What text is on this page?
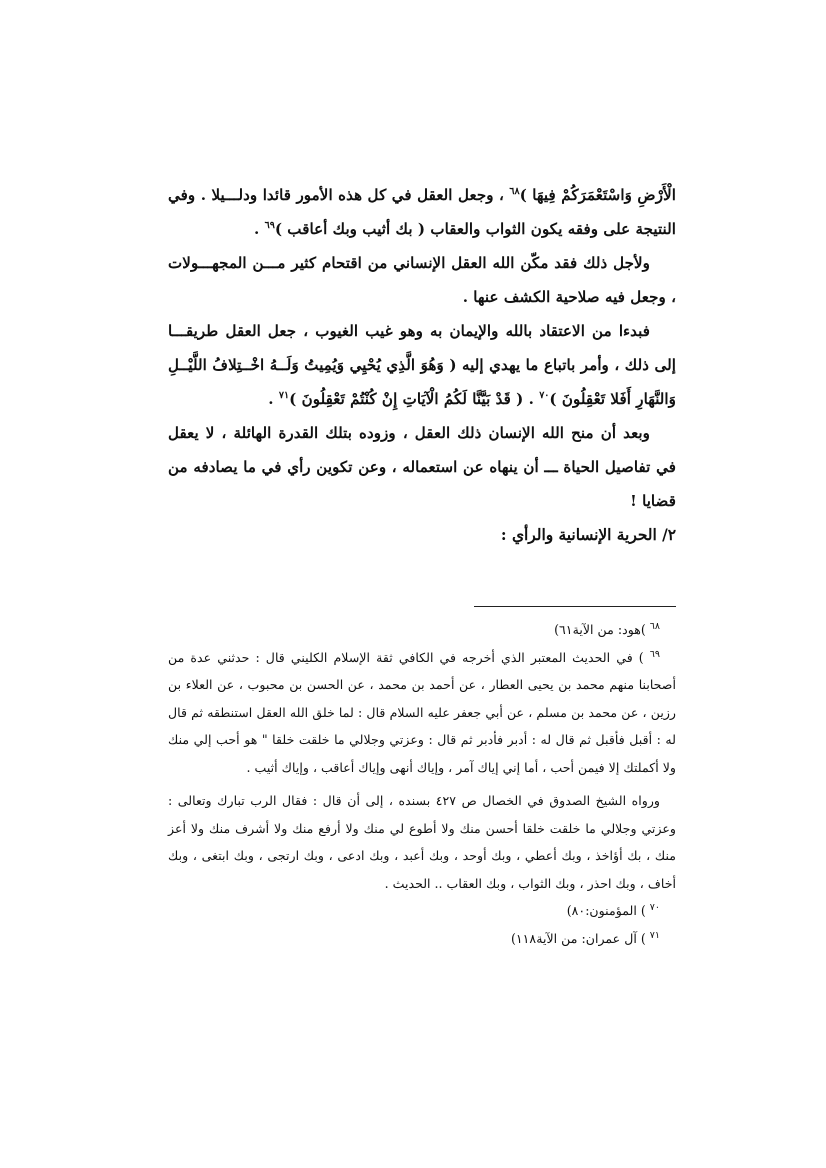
الْأَرْضِ وَاسْتَعْمَرَكُمْ فِيهَا )$^{٦٨}$ ، وجعل العقل في كل هذه الأمور قائدا ودلـــيلا . وفي النتيجة على وفقه يكون الثواب والعقاب ( بك أثيب وبك أعاقب )$^{٦٩}$ .

ولأجل ذلك فقد مكّن الله العقل الإنساني من اقتحام كثير مـــن المجهـــولات ، وجعل فيه صلاحية الكشف عنها .

فبدءا من الاعتقاد بالله والإيمان به وهو غيب الغيوب ، جعل العقل طريقـــا إلى ذلك ، وأمر باتباع ما يهدي إليه ( وَهُوَ الَّذِي يُحْيِي وَيُمِيتُ وَلَــهُ اخْــتِلافُ اللَّيْــلِ وَالنَّهَارِ أَفَلا تَعْقِلُونَ )$^{٧٠}$ . ( قَدْ بَيَّنَّا لَكُمُ الْآيَاتِ إِنْ كُنْتُمْ تَعْقِلُونَ )$^{٧١}$ .

وبعد أن منح الله الإنسان ذلك العقل ، وزوده بتلك القدرة الهائلة ، لا يعقل في تفاصيل الحياة ـــ أن ينهاه عن استعماله ، وعن تكوين رأي في ما يصادفه من قضايا !

٢/ الحرية الإنسانية والرأي :

$^{٦٨}$ )هود: من الآية٦١)

$^{٦٩}$ ) في الحديث المعتبر الذي أخرجه في الكافي ثقة الإسلام الكليني قال : حدثني عدة من أصحابنا منهم محمد بن يحيى العطار ، عن أحمد بن محمد ، عن الحسن بن محبوب ، عن العلاء بن رزين ، عن محمد بن مسلم ، عن أبي جعفر عليه السلام قال : لما خلق الله العقل استنطقه ثم قال له : أقبل فأقبل ثم قال له : أدبر فأدبر ثم قال : وعزتي وجلالي ما خلقت خلقا " هو أحب إلي منك ولا أكملتك إلا فيمن أحب ، أما إني إياك آمر ، وإياك أنهى وإياك أعاقب ، وإياك أثيب .

ورواه الشيخ الصدوق في الخصال ص ٤٢٧ بسنده ، إلى أن قال : فقال الرب تبارك وتعالى : وعزتي وجلالي ما خلقت خلقا أحسن منك ولا أطوع لي منك ولا أرفع منك ولا أشرف منك ولا أعز منك ، بك أؤاخذ ، وبك أعطي ، وبك أوحد ، وبك أعبد ، وبك ادعى ، وبك ارتجى ، وبك ابتغى ، وبك أخاف ، وبك احذر ، وبك الثواب ، وبك العقاب .. الحديث .

$^{٧٠}$ ) المؤمنون:٨٠)

$^{٧١}$ ) آل عمران: من الآية١١٨)
